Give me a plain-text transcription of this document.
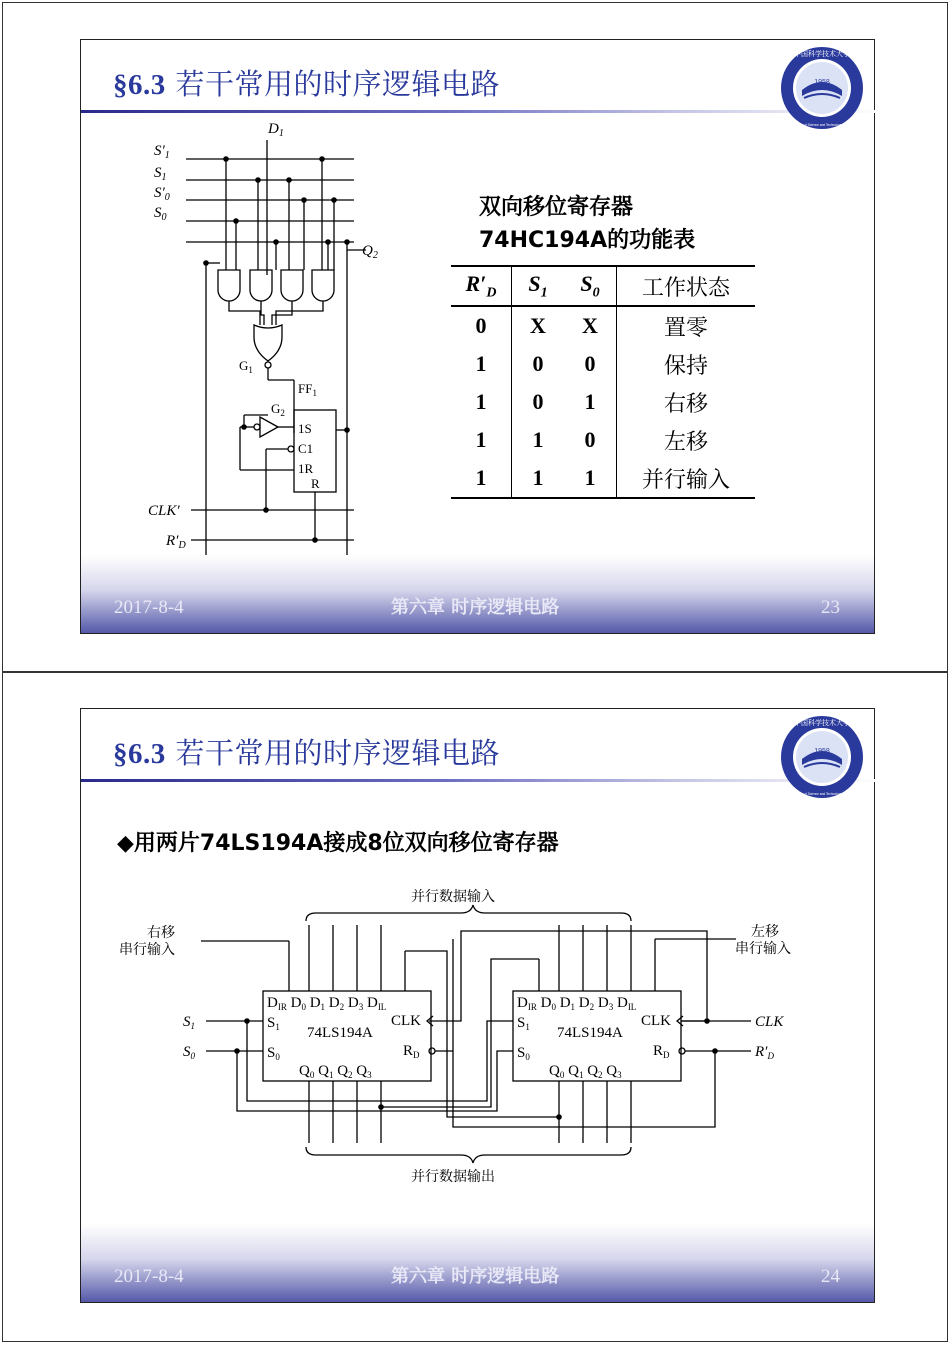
§6.3 若干常用的时序逻辑电路	1958
中国科学技术大学
University of Science and Technology of China
$D_1$
$S'_1$
$S_1$
$S'_0$
$S_0$
$Q_2$
$G_1$
$G_2$
$FF_1$
1S
C1
1R
R
CLK′
$R'_D$
双向移位寄存器
74HC194A的功能表
$R'_D$	$S_1$	$S_0$	工作状态
0	X	X	置零
1	0	0	保持
1	0	1	右移
1	1	0	左移
1	1	1	并行输入
2017-8-4	第六章 时序逻辑电路	23
§6.3 若干常用的时序逻辑电路	1958
中国科学技术大学
University of Science and Technology of China
◆用两片74LS194A接成8位双向移位寄存器
并行数据输入
并行数据输出
右移
串行输入
左移
串行输入
$D_{IR}$ $D_0$ $D_1$ $D_2$ $D_3$ $D_{IL}$
$S_1$
$S_0$
74LS194A
CLK
$R_D$
$Q_0$ $Q_1$ $Q_2$ $Q_3$
$D_{IR}$ $D_0$ $D_1$ $D_2$ $D_3$ $D_{IL}$
$S_1$
$S_0$
74LS194A
CLK
$R_D$
$Q_0$ $Q_1$ $Q_2$ $Q_3$
$S_1$
$S_0$
CLK
$R'_D$
2017-8-4	第六章 时序逻辑电路	24
